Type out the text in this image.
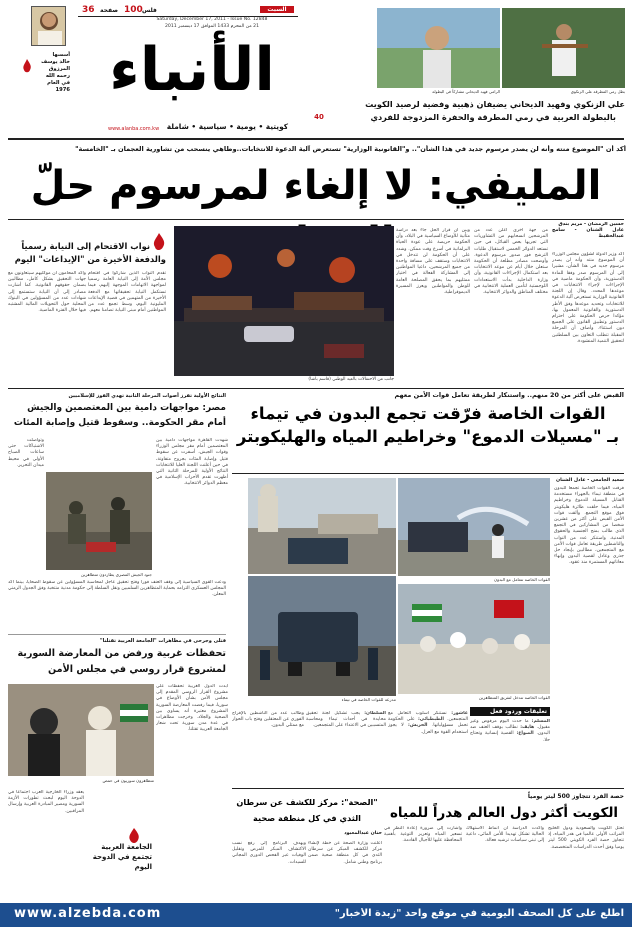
أسسها
خالد يوسف
المرزوق
رحمه الله
في العام
1976
36 صفحة 100 فلس	السبت
Saturday, December 17, 2011 - Issue No. 12848
21 من المحرم 1433 الموافق 17 ديسمبر 2011
الأنباء
www.alanba.com.kw	كويتية • يومية • سياسية • شاملة
الرامي فهيد الديحاني مشاركاً في البطولة	بطل رمي المطرقة علي الزنكوي
علي الزنكوي وفهيد الديحاني يضيفان ذهبية وفضية لرصيد الكويت
بالبطولة العربية في رمي المطرقة والحفرة المزدوجة للفردي
40
أكد أن "الموضوع منته وأنه لن يصدر مرسوم جديد في هذا الشأن".. و"القانونية الوزارية" تستعرض آلية الدعوة للانتخابات..وطاهي ينسحب من تشاورية العجمان بـ "الخامسة"
المليفي: لا إلغاء لمرسوم حلّ
حسين الرمضان - مريم بندق
عادل الشنان - سامح عبدالحفيظ
أكد وزير الدولة لشؤون مجلس الوزراء أن الموضوع منته وأنه لن يصدر مرسوم جديد في هذا الشأن، مشيرا إلى أن المرسوم صدر وفقا للمادة الدستورية، وأن الحكومة ماضية في الإجراءات لإجراء الانتخابات في موعدها المحدد. وقال إن اللجنة القانونية الوزارية تستعرض آلية الدعوة للانتخابات وتحديد موعدها وفق الأطر الدستورية والقانونية المعمول بها، مؤكدا حرص الحكومة على احترام الدستور وتطبيق القانون على الجميع دون استثناء. وأضاف أن المرحلة المقبلة تتطلب التعاون بين السلطتين لتحقيق التنمية المنشودة.
من جهة أخرى أعلن عدد من المرشحين انسحابهم من التشاوريات التي تجريها بعض القبائل، في حين تستعد الدوائر الخمس لاستقبال طلبات الترشح فور صدور مرسوم الدعوة. وأوضحت مصادر مطلعة أن الحكومة ستعلن خلال أيام عن موعد الانتخابات بعد استكمال الإجراءات القانونية، وأن وزارة الداخلية بدأت الاستعدادات اللوجستية لتأمين العملية الانتخابية في مختلف المناطق والدوائر الانتخابية.
وبين أن قرار الحل جاء بعد دراسة متأنية للأوضاع السياسية في البلاد، وأن الحكومة حريصة على عودة الحياة البرلمانية في أسرع وقت ممكن. وشدد على أن الحكومة لن تتدخل في الانتخابات وستقف على مسافة واحدة من جميع المرشحين، داعيا المواطنين إلى المشاركة الفعالة في اختيار ممثليهم بما يحقق المصلحة العامة للوطن والمواطنين ويعزز المسيرة الديموقراطية.
جانب من الاحتفالات بالعيد الوطني (قاسم باشا)
نواب الاقتحام إلى النيابة رسمياً
والدفعة الأخيرة من "الإيداعات" اليوم
تقدم النواب الذين شاركوا في اقتحام مجلس الأمة إلى النيابة العامة رسميا لمواجهة الاتهامات الموجهة إليهم، فيما تستكمل النيابة تحقيقاتها مع الدفعة الأخيرة من المتهمين في قضية الإيداعات المليونية اليوم، وسط تجمع عدد من المواطنين أمام مبنى النيابة تضامنا معهم.
وأكد المحامون أن موكليهم سيتعاونون مع جهات التحقيق بشكل كامل، مطالبين بضمان حقوقهم القانونية. كما أشارت مصادر إلى أن النيابة ستستمع إلى شهادات عدد من المسؤولين في البنوك المحلية حول التحويلات المالية المشتبه فيها خلال الفترة الماضية.
النتائج الأولية تفرز أصوات المرحلة الثانية تهدي الفوز للإسلاميين
مصر: مواجهات دامية بين المعتصمين والجيش
أمام مقر الحكومة.. وسقوط قتيل وإصابة المئات
شهدت القاهرة مواجهات دامية بين المعتصمين أمام مقر مجلس الوزراء وقوات الجيش، أسفرت عن سقوط قتيل وإصابة المئات بجروح متفاوتة، في حين أعلنت اللجنة العليا للانتخابات النتائج الأولية للمرحلة الثانية التي أظهرت تقدم الأحزاب الإسلامية في معظم الدوائر الانتخابية.
جنود الجيش المصري يطاردون متظاهرين
وتواصلت الاشتباكات حتى ساعات الصباح الأولى في محيط ميدان التحرير.
ودعت القوى السياسية إلى وقف العنف فورا وفتح تحقيق عاجل لمحاسبة المسؤولين عن سقوط الضحايا، بينما أكد المجلس العسكري التزامه بحماية المتظاهرين السلميين ونقل السلطة إلى حكومة مدنية منتخبة وفق الجدول الزمني المعلن.
قتلى وجرحى في مظاهرات "الجامعة العربية تقتلنا"
تحفظات غربية ورفض من المعارضة السورية
لمشروع قرار روسي في مجلس الأمن
أبدت الدول الغربية تحفظات على مشروع القرار الروسي المقدم إلى مجلس الأمن بشأن الأوضاع في سوريا، فيما رفضت المعارضة السورية المشروع معتبرة أنه يساوي بين الضحية والجلاد. وخرجت مظاهرات في عدة مدن سورية تحت شعار الجامعة العربية تقتلنا.
متظاهرون سوريون في حمص
الجامعة العربية
تجتمع في الدوحة
اليوم
يعقد وزراء الخارجية العرب اجتماعا في الدوحة اليوم لبحث تطورات الأزمة السورية ومصير المبادرة العربية وإرسال المراقبين.
القبض على أكثر من 20 منهم.. واستنكار لطريقة تعامل قوات الأمن معهم
القوات الخاصة فرّقت تجمع البدون في تيماء
بـ "مسيلات الدموع" وخراطيم المياه والهليكوبتر
سعيد الجامعي - عادل الشنان
فرقت القوات الخاصة تجمعا للبدون في منطقة تيماء بالجهراء مستخدمة القنابل المسيلة للدموع وخراطيم المياه، فيما حلقت طائرة هليكوبتر فوق موقع التجمع. وألقت قوات الأمن القبض على أكثر من عشرين شخصا من المشاركين في التجمع الذي طالب بمنح الجنسية والحقوق المدنية. واستنكر عدد من النواب والناشطين طريقة تعامل قوات الأمن مع المتجمعين، مطالبين بإيجاد حل جذري وعادل لقضية البدون وإنهاء معاناتهم المستمرة منذ عقود.
القوات الخاصة تتعامل مع البدون
مدرعة للقوات الخاصة في تيماء	القوات الخاصة تتدخل لتفريق المتظاهرين
تعليقات وردود فعل
المسلم: ما حدث اليوم مرفوض وغير مقبول. هايف: نطالب بوقف العنف ضد البدون. الصواغ: القضية إنسانية وتحتاج حلا.
عاشور: نستنكر أسلوب التعامل مع المتجمعين. الطبطبائي: على الحكومة تحمل مسؤولياتها. الحربش: لا يجوز استخدام القوة مع العزل.
السلطان: يجب تشكيل لجنة تحقيق محايدة في أحداث تيماء ومحاسبة المتسببين في الاعتداء على المتجمعين.
وطالب عدد من الناشطين بالإفراج الفوري عن المعتقلين وفتح باب الحوار مع ممثلي البدون.
"الصحة": مركز للكشف عن سرطان
الثدي في كل منطقة صحية
حنان عبدالمعبود
أعلنت وزارة الصحة عن خطة لإنشاء مركز للكشف المبكر عن سرطان الثدي في كل منطقة صحية ضمن برنامج وطني شامل.
ويهدف البرنامج إلى رفع نسب الاكتشاف المبكر للمرض وتقليل الوفيات عبر الفحص الدوري المجاني للسيدات.
حصة الفرد تتجاوز 500 ليتر يومياً
الكويت أكثر دول العالم هدراً للمياه
تحتل الكويت والسعودية ودول الخليج المراتب الأولى عالميا في هدر المياه، إذ تتجاوز حصة الفرد الكويتي 500 ليتر يوميا وفق أحدث الدراسات المتخصصة.
وأكدت الدراسة أن أنماط الاستهلاك الحالية تشكل تهديدا للأمن المائي، داعية إلى تبني سياسات ترشيد فعالة.
وأشارت إلى ضرورة إعادة النظر في تسعير المياه وتعزيز التوعية بأهمية المحافظة عليها للأجيال القادمة.
www.alzebda.com	اطلع على كل الصحف اليومية في موقع واحد "زبدة الأخبار"
